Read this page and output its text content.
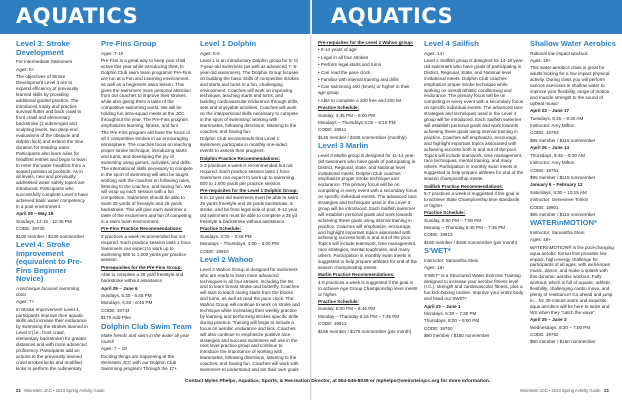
AQUATICS	AQUATICS
Level 3: Stroke Development

For intermediate Swimmers

Ages: 6+

The objectives of Stroke Development Level 3 are to expand efficiency of previously learned skills by providing additional guided practice. The introduced rotary and practice survival flutter and back crawl to front crawl and elementary backstroke (2 submerged and sculpting levels, two deep-end evaluations of the obstacle and dolphin kick) and extend the time duration for treading water. Participants also learn rules for headfirst entries and begin to learn to enter the water headfirst from a seated position at poolside. As in all levels, new and previously addressed water safety topics are introduced. Participants who successfully complete Level 3 have achieved basic water competency in a pool environment.

April 29 – May 18

Sundays, 12:15 - 12:45 PM

CODE: 19740

$100 member / $130 nonmember

Level 4: Stroke Improvement (equivalent to Pre-Fins Beginner Novice)

A technique focused swimming class

Ages: 7+

In Stroke Improvement Level 4, participants improve their aquatic skills and increase their endurance by swimming the strokes learned in Level 3 (i.e., front crawl, elementary backstroke) for greater distances and with more advanced proficiency. Participants add an actions to the previously learned crawl strokes kicks and modified kicks to perform the rudimentary

Pre-Fins Group

Ages: 7-10

Pre-Fins is a great way to keep your child active this year while introducing them to Dolphin Club swim team programs! Pre-Fins are run at a Fun and Learning environment, as well as a beginners swim lesson. This gives the swimmers more personal attention from our coaches to improve their strokes, while also giving them a taste of the competitive swimming world. We will be holding fun intra-squad meets at the JCC throughout the year. The Pre-Fins program emphasizes learning, fitness, and fun!

The Pre-Fins program will have the focus of all 4 competitive strokes in an encouraging atmosphere. The coaches focus on teaching proper stroke technique, introducing starts and turns, and developing the joy of swimming using games, activities, and drills. The international skills necessary to compete in the sport of swimming will also be taught working with the coaches on following rules, listening to the coaches, and having fun. We will wrap up each session with a fun competition. Swimmers should be able to swim 25 yards of freestyle and 25 yards backstroke. This will give each swimmer a taste of the excitement and fun of competing in a swim team environment.

Pre-Fins Practice Recommendations:

2 practices a week recommended but not required. Each practice session lasts 1 hour. Swimmers can expect to work up to swimming 500 to 1,000 yards per practice session.

Prerequisites for the Pre-Fins Group:

Able to complete a 25 yard freestyle and backstroke without assistance.

April 29 – June 6

Sundays, 5:30 - 6:45 PM

Mondays, 5:30 - 6:45 PM

CODE: 19744

$179 Add-Pike

Dolphin Club Swim Team

Make friends and swim in the water all year round!

Ages: 7 – 18

Exciting things are happening at the Weinstein JCC with our Dolphin Club Swimming program! Through the 17+

Level 1 Dolphin

Ages: 5-8

Level 1 is an introductory Dolphin group for 5- to 7-year-old swimmers (as well as advanced 7- 8-year-old swimmers). The Dolphin Group focuses on building the basic skills of competitive strokes and starts and turns in a fun, challenging environment. Coaches will work on improving technique, teaching starts and turns, and building cardiovascular endurance through drills, sets and enjoyable activities. Coaches will work on the interpersonal skills necessary to compete in the sport of swimming: working with teammates, following directions, listening to the coaches, and having fun.

Dolphin Club recommends that Level 1 swimmers participate in monthly one-sided events to assess their progress.

Dolphin Practice Recommendations:

2-3 practices a week is recommended but not required. Each practice session lasts 1 hour. Swimmers can expect to work up to swimming 500 to 1,000 yards per practice session.

Pre-requisites for the Level 1 Dolphin Group:

8 to 12 year old swimmers must be able to swim 25 yards freestyle and 25 yards backstroke. 5 stroke, and be from legal side of pool. 9-12 year old swimmers must be able to complete a 25 yd freestyle & backstroke without assistance.

Practice Schedule:

Sundays, 3:30 – 3:45 PM

Mondays – Thursdays, 4:00 – 5:00 PM

CODE: 19910

Level 2 Wahoo

Level 2 Wahoo Group is designed for swimmers who are ready to learn more advanced techniques in all four strokes, including the IM, and to learn breast stroke and butterfly. Coaches will start to teach racing starts from the blocks and turns, as well as read the pace clock. The Wahoo Group will continue to work on stroke and technique while increasing their weekly practice by learning and performing strokes specific drills during practice. Training will begin to include a focus on aerobic endurance and kick. Coaches will also continue to emphasize positive race strategies and success swimmers will use in the next level practice group and continue to introduce the importance of working with teammates, following directions, listening to the coaches, and having fun. Coaches will work with swimmers to understand and set their own goals

Pre-requisites for the Level 2 Wahoo group:

• 9-14 years of age

• Legal in all four strokes

• Perform legal starts and turns

• Can read the pace clock

• Familiar with interval training and drills

• Can swimming 400 (times) or higher in their age group

• Able to complete a 200 free and 200 IM

Practice Schedule:

Sunday, 3:45 PM – 5:00 PM

Mondays – Thursdays 5:00 – 6:15 PM

CODE: 19911

$145 member / $185 nonmember (monthly)

Level 3 Marlin

Level 3 Marlin group is designed for 11-14 year-old swimmers who have goals of participating in District, Regional, State, and National level invitational meets. Dolphin Club coaches emphasize proper stroke technique and endurance. The primary focus will be on competing in every event with a secondary focus on specific individual events. The advanced race strategies and techniques used in the Level 3 group will be introduced. Each Sailfish swimmer will establish personal goals and work towards achieving these goals using interval training in practice. Coaches will emphasize, encourage, and highlight important topics associated with achieving success both in and out of the pool. Topics will include teamwork, time management, race strategies, mental toughness, and many others. Participation in monthly swim meets is suggested to help prepare athletes for end of the season championship meets.

Marlin Practice Recommendations:

4-5 practices a week is suggested if the goal is to achieve Age Group Championship level meets or higher.

Practice Schedule:

Sunday, 5:00 PM – 6:45 PM

Monday – Thursday 5:15 PM – 7:45 PM

CODE: 19912

$155 member / $175 nonmember (per month)

Level 4 Sailfish

Ages: 14+

Level 4 Sailfish group is designed for 14-18 year-old swimmers who have goals of participating in District, Regional, State, and National level invitational meets. Dolphin Club coaches emphasize proper stroke technique while working on overall athletic conditioning and endurance. The primary focus will be on competing in every event with a secondary focus on specific individual events. The advanced race strategies and techniques used in the Level 4 group will be introduced. Each Sailfish swimmer will establish personal goals and work towards achieving these goals using interval training in practice. Coaches will emphasize, encourage, and highlight important topics associated with achieving success both in and out of the pool. Topics will include teamwork, time management, race techniques, mental training, and many others. Participation in monthly swim meets is suggested to help prepare athletes for end of the season championship meets.

Sailfish Practice Recommendations:

5-7 practices a week is suggested if the goal is to achieve State Championship time standards or higher.

Practice Schedule:

Sunday, 5:00 PM – 7:00 PM

Monday – Thursday 5:45 PM – 7:45 PM

CODE: 19913

$160 member / $185 nonmember (per month)

S'WET*

Instructor: Samantha Stein

Ages: 18+

S'WET* is a Structured Water Exercise Training designed to increase your aerobic fitness level (I.C.), strength and cardiovascular fitness, plus a fun kick-boxing routine. Improve your entire body and head out SWET!

April 23 – June 1

Mondays, 6:30 – 7:30 PM

Thursdays, 8:00 – 9:00 PM

CODE: 19760

$60 member / $150 nonmember

Shallow Water Aerobics

Rational low impact workout

Ages: 18+

This water aerobics class is great for adults looking for a low impact physical activity. During class you will perform various exercises in shallow water to improve your flexibility, range of motion, and muscle strength to the sound of upbeat music!

April 23 – June 17

Tuesdays, 8:45 – 9:30 AM

Instructor: Amy Mifton

CODE: 19763

$95 member / $115 nonmember

April 26 – June 14

Thursdays, 8:45 – 9:30 AM

Instructor: Amy Mifton

CODE: 19761

$95 member / $115 nonmember

January 6 – February 12

Saturdays, 9:30 – 10:15 AM

Instructor: Genevieve Tonkin

CODE: 19901

$95 member / $115 nonmember

WATERinMOTION*

Instructor: Samantha Stein

Ages: 18+

WATERinMOTION® is the pool-changing aqua aerobic format that provides low impact, high-energy challenge for participants of all ages, with well-known music, dance, and make a splash with this dynamic aerobic workout. Fully workout, which is full of aquatic, athletic, flexibility, challenging cardio move, and plenty of resistance! Go ahead and jump in... for 20-minute warm and exquisite aqua aerobics will be here to seize and WS when they "catch the wave".

April 25 – June 3

Wednesdays, 6:30 – 7:00 PM

CODE: 19762

$80 member / $160 nonmember

Contact Myles Phelps, Aquatics, Sports, & Recreation Director, at 804-545-8039 or mphelps@weinsteinjcc.org for more information.
22 Weinstein JCC • 2023 Spring Activity Guide	Weinstein JCC • 2023 Spring Activity Guide 23
